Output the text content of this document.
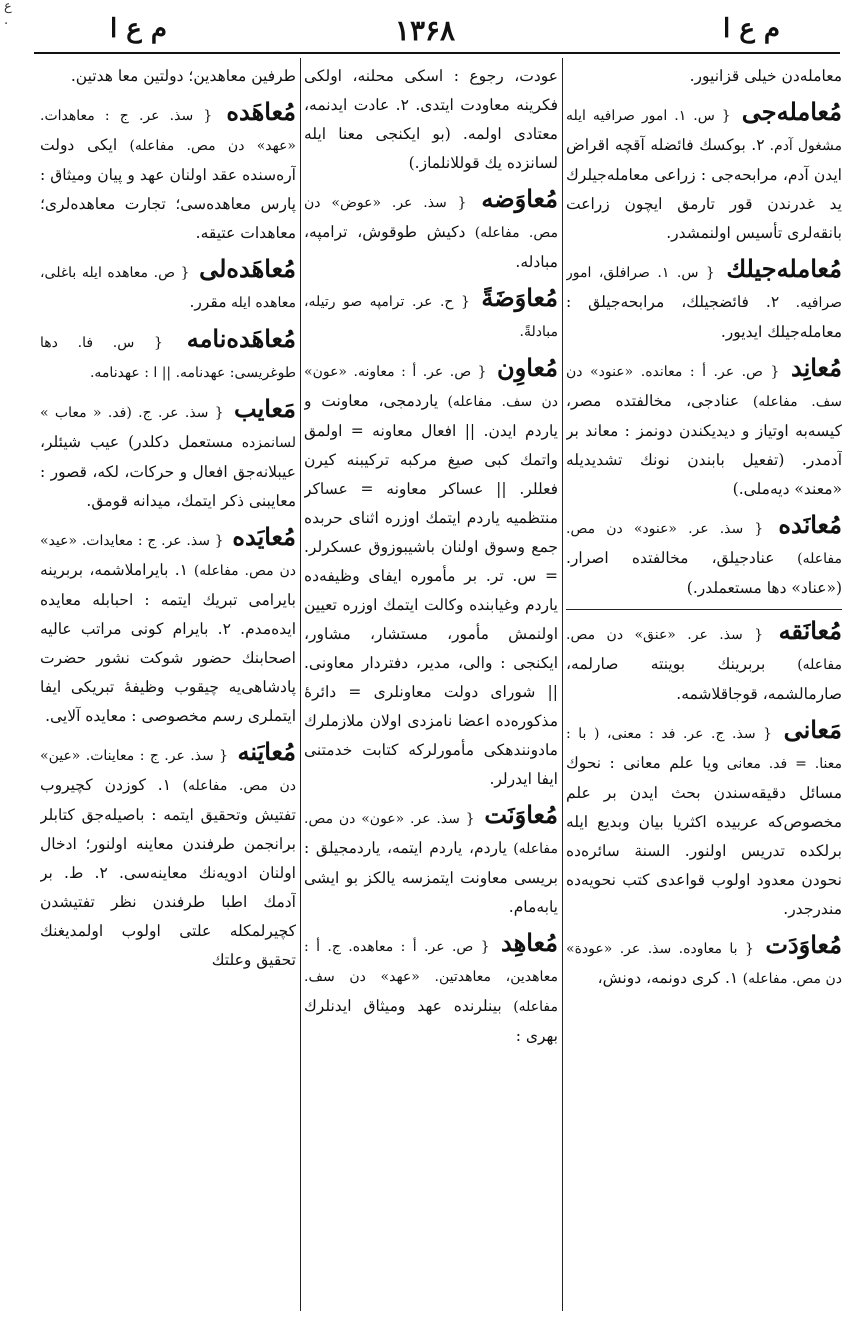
ﻉ
.	م ع ا
۱۳۶۸
م ع ا
معامله‌دن خیلی قزانیور.
مُعامله‌جی { س. ۱. امور صرافیه ایله مشغول آدم. ۲. بوکسك فائضله آقچه اقراض ایدن آدم، مرابحه‌جی : زراعی معامله‌جیلرك يد غدرندن قور تارمق ایچون زراعت بانقه‌لری تأسيس اولنمشدر.
مُعامله‌جیلك { س. ۱. صرافلق، امور صرافیه. ۲. فائضجیلك، مرابحه‌جیلق : معامله‌جیلك ایدیور.
مُعانِد { ص. عر. أ : معانده. «عنود» دن سف. مفاعله) عنادجی، مخالفتده مصر، كيسه‌به اوتياز و ديديكندن دونمز : معاند بر آدمدر. (تفعيل بابندن نونك تشديديله «معند» دیه‌ملی.)
مُعانَده { سذ. عر. «عنود» دن مص. مفاعله) عنادجيلق، مخالفتده اصرار. («عناد» دها مستعملدر.)
مُعانَقه { سذ. عر. «عنق» دن مص. مفاعله) بربرينك بوينته صارلمه، صارمالشمه، قوجاقلاشمه.
مَعانی { سذ. ج. عر. فد : معنى، ( با : معنا. = فد. معانى ويا علم معانى : نحوك مسائل دقيقه‌سندن بحث ايدن بر علم مخصوص‌كه عربيده اكثريا بيان وبديع ايله برلكده تدريس اولنور. السنة سائره‌ده نحودن معدود اولوب قواعدى كتب نحويه‌ده مندرجدر.
مُعاوَدَت { با معاوده. سذ. عر. «عودة» دن مص. مفاعله) ۱. كرى دونمه، دونش،
عودت، رجوع : اسكى محلنه، اولكى فكرينه معاودت ايتدى. ۲. عادت ايدنمه، معتادى اولمه. (بو ايكنجى معنا ايله لسانزده يك قوللانلماز.)
مُعاوَضه { سذ. عر. «عوض» دن مص. مفاعله) دكيش طوقوش، ترامپه، مبادله.
مُعاوَضَةً { ح. عر. ترامپه صو رتيله، مبادلةً.
مُعاوِن { ص. عر. أ : معاونه. «عون» دن سف. مفاعله) ياردمجى، معاونت و ياردم ايدن. || افعال معاونه = اولمق واتمك كبى صيغ مركبه تركيبنه كيرن فعللر. || عساكر معاونه = عساكر منتظميه ياردم ايتمك اوزره اثناى حربده جمع وسوق اولنان باشيبوزوق عسكرلر. = س. تر. بر مأموره ايفاى وظيفه‌ده ياردم وغيابنده وكالت ايتمك اوزره تعيين اولنمش مأمور، مستشار، مشاور، ايكنجى : والى، مدير، دفتردار معاونى. || شوراى دولت معاونلرى = دائرهٔ مذكوره‌ده اعضا نامزدى اولان ملازملرك مادونندهكى مأمورلركه كتابت خدمتنى ايفا ايدرلر.
مُعاوَنَت { سذ. عر. «عون» دن مص. مفاعله) ياردم، ياردم ايتمه، ياردمجيلق : بريسى معاونت ايتمزسه يالكز بو ايشى يابه‌مام.
مُعاهِد { ص. عر. أ : معاهده. ج. أ : معاهدين، معاهدتين. «عهد» دن سف. مفاعله) بينلرنده عهد وميثاق ايدنلرك بهرى :
طرفين معاهدين؛ دولتين معا هدتين.
مُعاهَده { سذ. عر. ج : معاهدات. «عهد» دن مص. مفاعله) ايكى دولت آره‌سنده عقد اولنان عهد و پيان وميثاق : پارس معاهده‌سى؛ تجارت معاهده‌لرى؛ معاهدات عتيقه.
مُعاهَده‌لى { ص. معاهده ايله باغلى، معاهده ايله مقرر.
مُعاهَده‌نامه { س. فا. دها طوغريسى: عهدنامه. || ا : عهدنامه.
مَعايب { سذ. عر. ج. (فد. « معاب » لسانمزده مستعمل دكلدر) عيب شيئلر، عيبلانه‌جق افعال و حركات، لكه، قصور : معايبنى ذكر ايتمك، ميدانه قومق.
مُعايَده { سذ. عر. ج : معايدات. «عيد» دن مص. مفاعله) ۱. بايراملاشمه، بربرينه بايرامى تبريك ايتمه : احبابله معايده ايده‌مدم. ۲. بايرام كونى مراتب عاليه اصحابنك حضور شوكت نشور حضرت پادشاهى‌يه چيقوب وظيفهٔ تبريكى ايفا ايتملرى رسم مخصوصى : معايده آلايى.
مُعايَنه { سذ. عر. ج : معاينات. «عين» دن مص. مفاعله) ۱. كوزدن كچيروب تفتيش وتحقيق ايتمه : باصيله‌جق كتابلر برانجمن طرفندن معاينه اولنور؛ ادخال اولنان ادويه‌نك معاينه‌سى. ۲. ط. بر آدمك اطبا طرفندن نظر تفتيشدن كچيرلمكله علتى اولوب اولمديغنك تحقيق وعلتك
